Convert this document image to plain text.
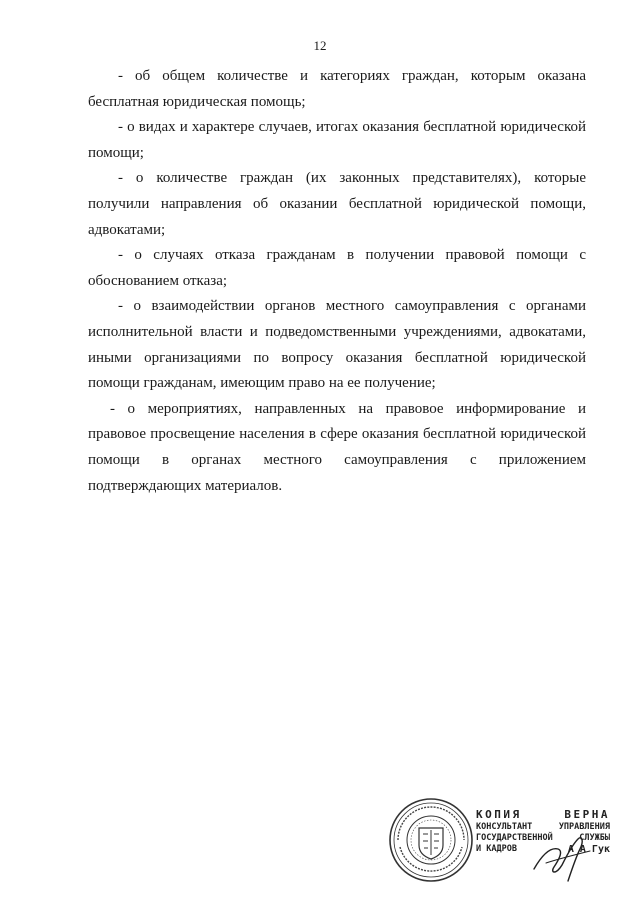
12

- об общем количестве и категориях граждан, которым оказана бесплатная юридическая помощь;

- о видах и характере случаев, итогах оказания бесплатной юридической помощи;

- о количестве граждан (их законных представителях), которые получили направления об оказании бесплатной юридической помощи, адвокатами;

- о случаях отказа гражданам в получении правовой помощи с обоснованием отказа;

- о взаимодействии органов местного самоуправления с органами исполнительной власти и подведомственными учреждениями, адвокатами, иными организациями по вопросу оказания бесплатной юридической помощи гражданам, имеющим право на ее получение;

- о мероприятиях, направленных на правовое информирование и правовое просвещение населения в сфере оказания бесплатной юридической помощи в органах местного самоуправления с приложением подтверждающих материалов.

КОПИЯ	ВЕРНА
КОНСУЛЬТАНТ	УПРАВЛЕНИЯ
ГОСУДАРСТВЕННОЙ	СЛУЖБЫ
И КАДРОВ	А А Гук
